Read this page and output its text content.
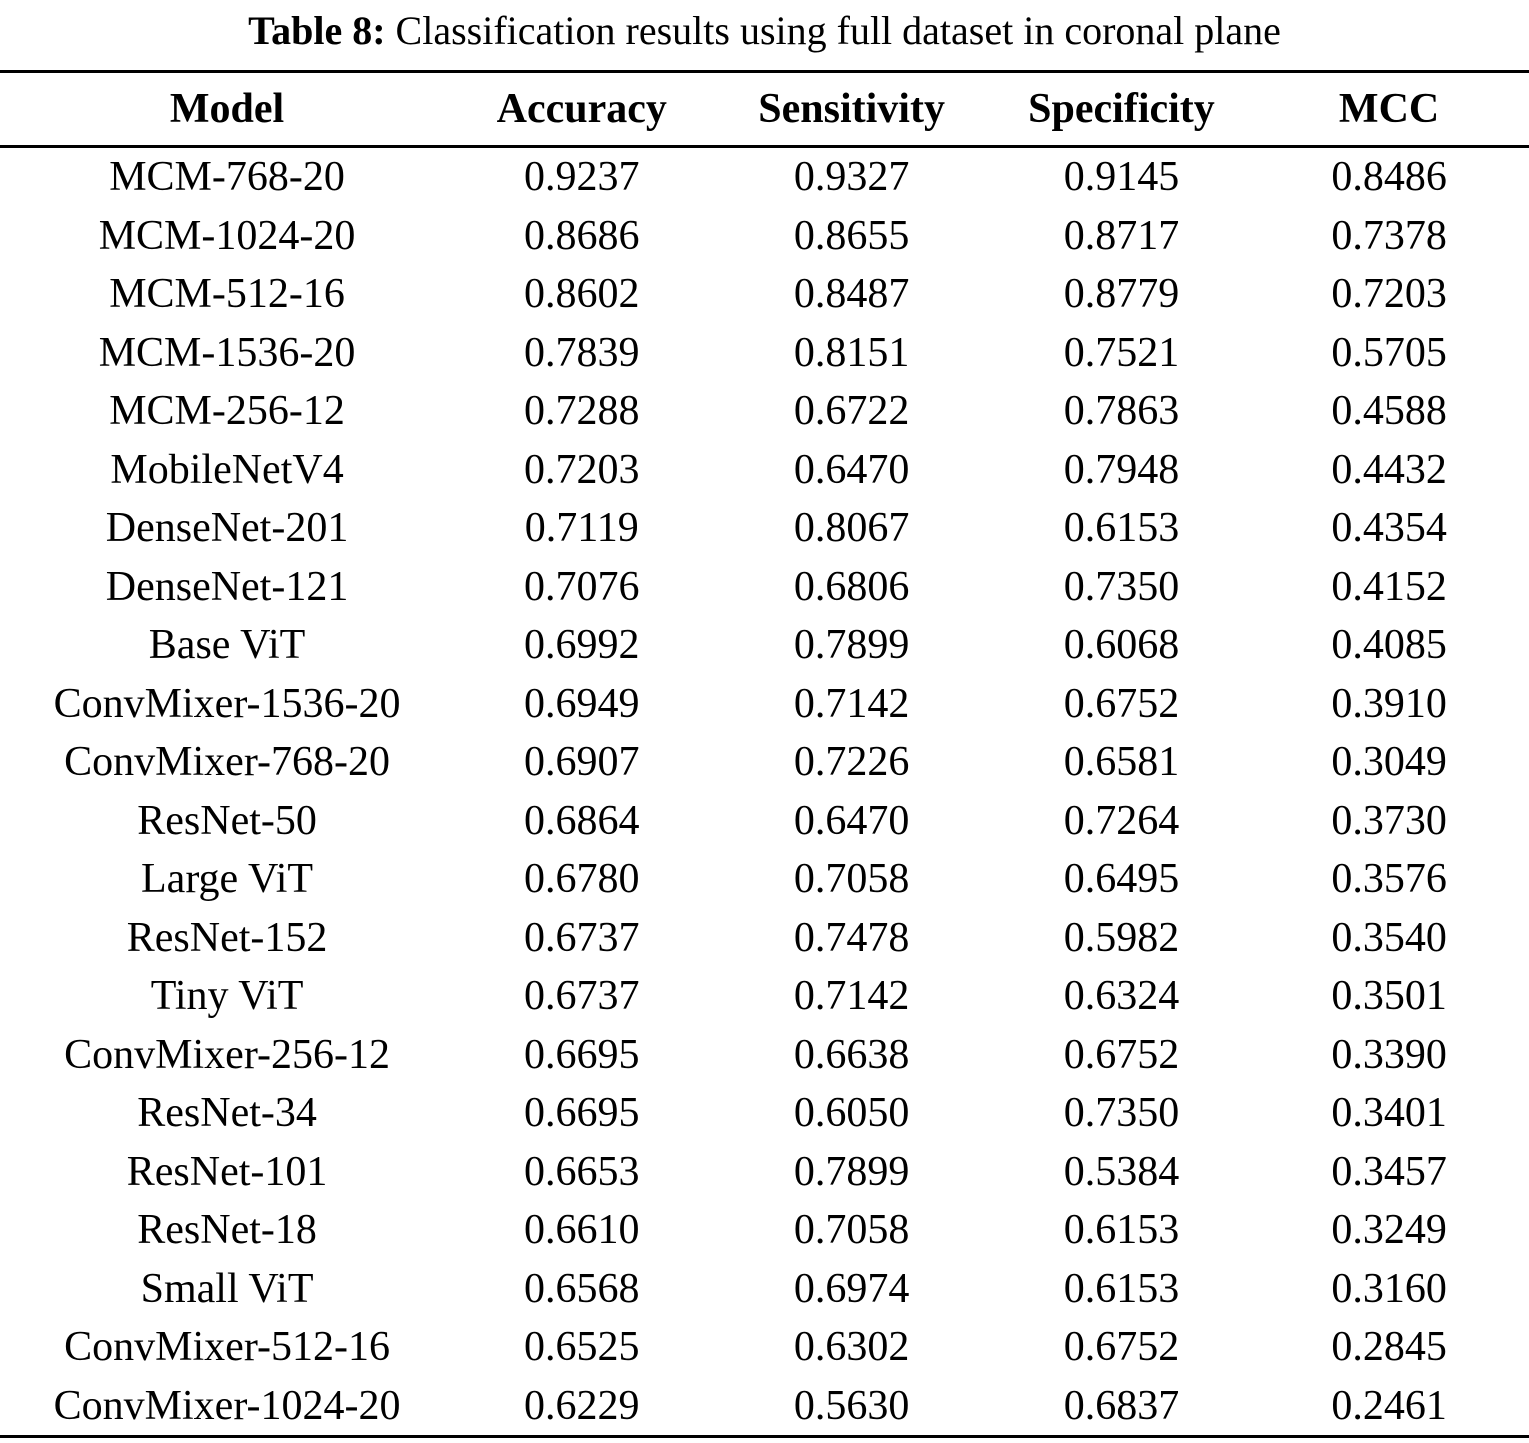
Table 8:
Classification results using full dataset in coronal plane
Model	Accuracy	Sensitivity	Specificity	MCC
MCM-768-20	0.9237	0.9327	0.9145	0.8486
MCM-1024-20	0.8686	0.8655	0.8717	0.7378
MCM-512-16	0.8602	0.8487	0.8779	0.7203
MCM-1536-20	0.7839	0.8151	0.7521	0.5705
MCM-256-12	0.7288	0.6722	0.7863	0.4588
MobileNetV4	0.7203	0.6470	0.7948	0.4432
DenseNet-201	0.7119	0.8067	0.6153	0.4354
DenseNet-121	0.7076	0.6806	0.7350	0.4152
Base ViT	0.6992	0.7899	0.6068	0.4085
ConvMixer-1536-20	0.6949	0.7142	0.6752	0.3910
ConvMixer-768-20	0.6907	0.7226	0.6581	0.3049
ResNet-50	0.6864	0.6470	0.7264	0.3730
Large ViT	0.6780	0.7058	0.6495	0.3576
ResNet-152	0.6737	0.7478	0.5982	0.3540
Tiny ViT	0.6737	0.7142	0.6324	0.3501
ConvMixer-256-12	0.6695	0.6638	0.6752	0.3390
ResNet-34	0.6695	0.6050	0.7350	0.3401
ResNet-101	0.6653	0.7899	0.5384	0.3457
ResNet-18	0.6610	0.7058	0.6153	0.3249
Small ViT	0.6568	0.6974	0.6153	0.3160
ConvMixer-512-16	0.6525	0.6302	0.6752	0.2845
ConvMixer-1024-20	0.6229	0.5630	0.6837	0.2461
